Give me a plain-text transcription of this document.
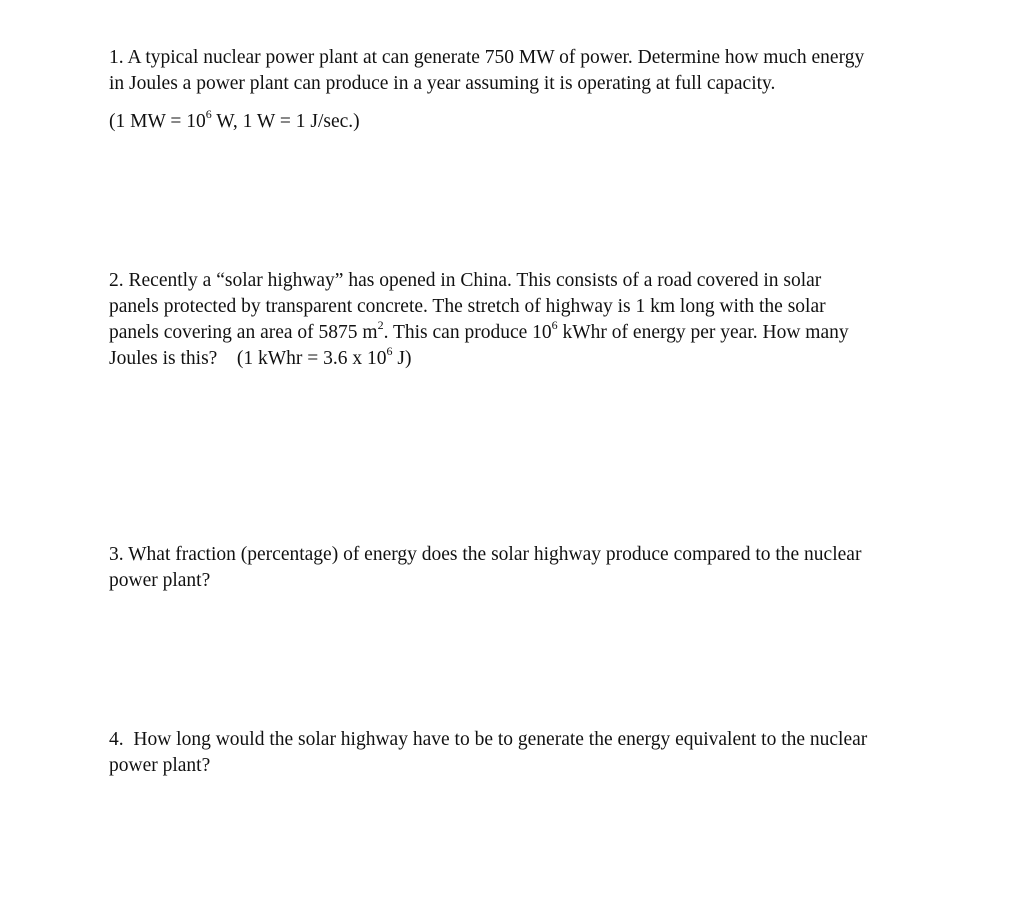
1. A typical nuclear power plant at can generate 750 MW of power. Determine how much energy
in Joules a power plant can produce in a year assuming it is operating at full capacity.

(1 MW = $10^6$ W, 1 W = 1 J/sec.)

2. Recently a “solar highway” has opened in China. This consists of a road covered in solar
panels protected by transparent concrete. The stretch of highway is 1 km long with the solar
panels covering an area of 5875 $m^2$. This can produce $10^6$ kWhr of energy per year. How many
Joules is this? (1 kWhr = 3.6 x $10^6$ J)

3. What fraction (percentage) of energy does the solar highway produce compared to the nuclear
power plant?

4. How long would the solar highway have to be to generate the energy equivalent to the nuclear
power plant?
